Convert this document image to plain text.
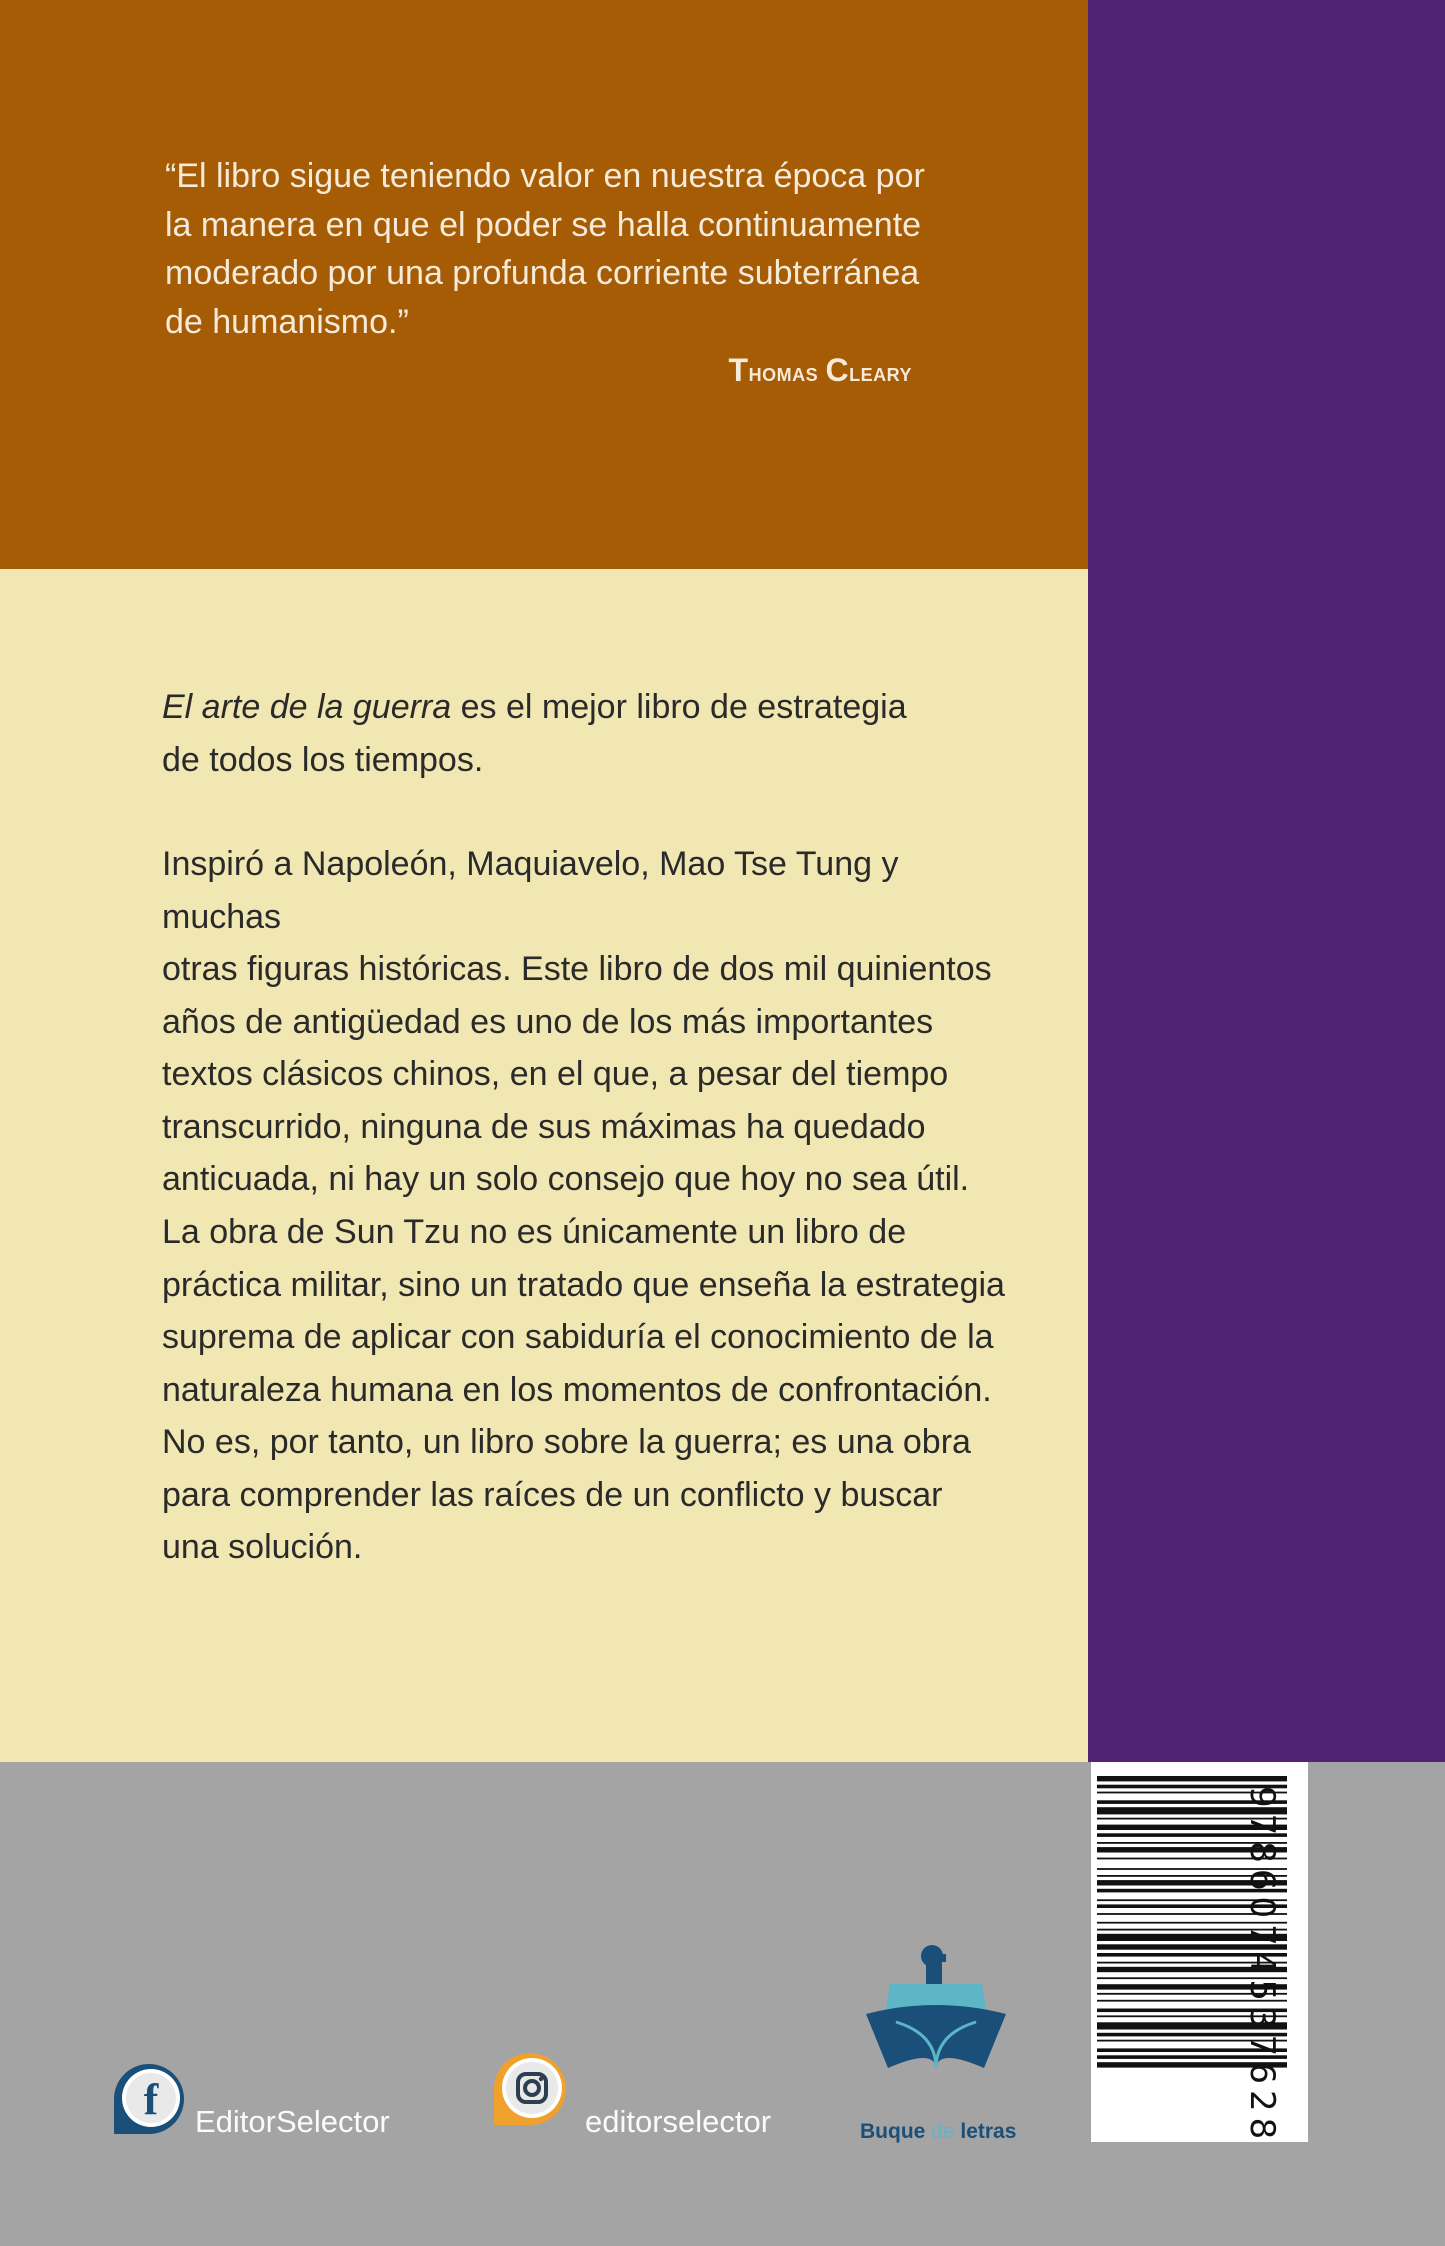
“El libro sigue teniendo valor en nuestra época por
la manera en que el poder se halla continuamente
moderado por una profunda corriente subterránea
de humanismo.”

Thomas Cleary

El arte de la guerra es el mejor libro de estrategia
de todos los tiempos.

Inspiró a Napoleón, Maquiavelo, Mao Tse Tung y muchas
otras figuras históricas. Este libro de dos mil quinientos
años de antigüedad es uno de los más importantes
textos clásicos chinos, en el que, a pesar del tiempo
transcurrido, ninguna de sus máximas ha quedado
anticuada, ni hay un solo consejo que hoy no sea útil.

La obra de Sun Tzu no es únicamente un libro de
práctica militar, sino un tratado que enseña la estrategia
suprema de aplicar con sabiduría el conocimiento de la
naturaleza humana en los momentos de confrontación.
No es, por tanto, un libro sobre la guerra; es una obra
para comprender las raíces de un conflicto y buscar
una solución.

f EditorSelector	editorselector	Buque de letras	9786074537628
